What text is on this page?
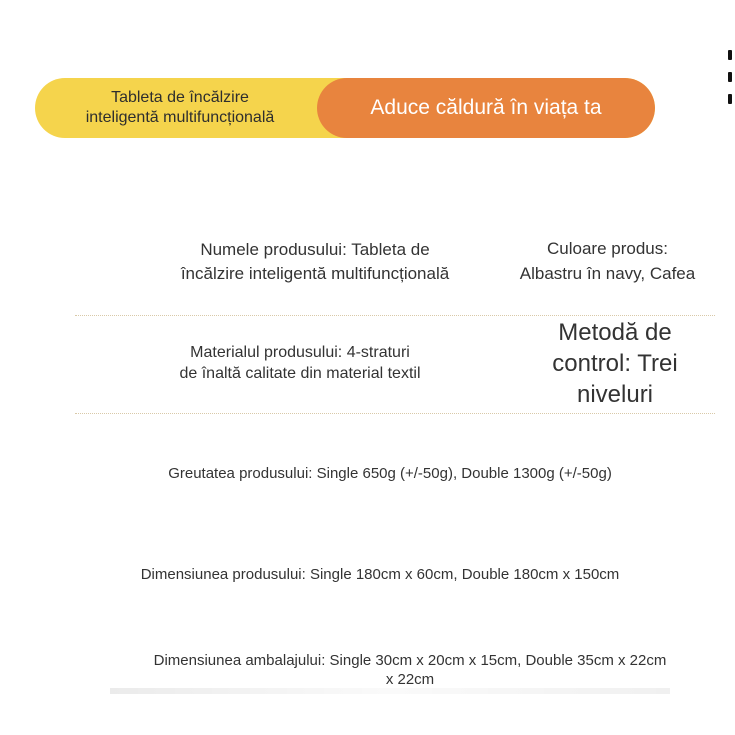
Tableta de încălzire
inteligentă multifuncțională	Aduce căldură în viața ta
Numele produsului: Tableta de
încălzire inteligentă multifuncțională
Culoare produs:
Albastru în navy, Cafea
Materialul produsului: 4-straturi
de înaltă calitate din material textil
Metodă de
control: Trei
niveluri
Greutatea produsului: Single 650g (+/-50g), Double 1300g (+/-50g)
Dimensiunea produsului: Single 180cm x 60cm, Double 180cm x 150cm
Dimensiunea ambalajului: Single 30cm x 20cm x 15cm, Double 35cm x 22cm
x 22cm
